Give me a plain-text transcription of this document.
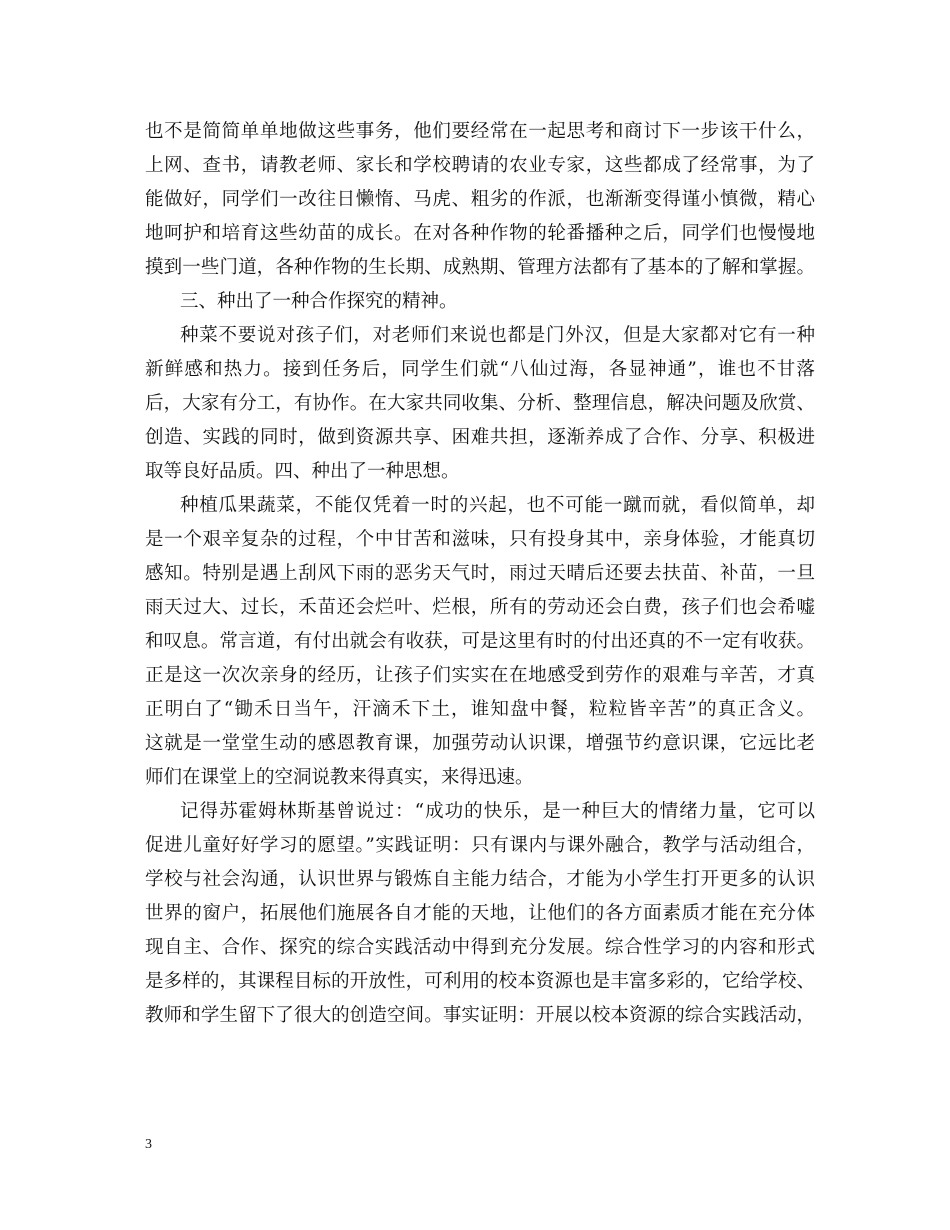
也不是简简单单地做这些事务，他们要经常在一起思考和商讨下一步该干什么，
上网、查书，请教老师、家长和学校聘请的农业专家，这些都成了经常事，为了
能做好，同学们一改往日懒惰、马虎、粗劣的作派，也渐渐变得谨小慎微，精心
地呵护和培育这些幼苗的成长。在对各种作物的轮番播种之后，同学们也慢慢地
摸到一些门道，各种作物的生长期、成熟期、管理方法都有了基本的了解和掌握。
三、种出了一种合作探究的精神。
种菜不要说对孩子们，对老师们来说也都是门外汉，但是大家都对它有一种
新鲜感和热力。接到任务后，同学生们就“八仙过海，各显神通”，谁也不甘落
后，大家有分工，有协作。在大家共同收集、分析、整理信息，解决问题及欣赏、
创造、实践的同时，做到资源共享、困难共担，逐渐养成了合作、分享、积极进
取等良好品质。四、种出了一种思想。
种植瓜果蔬菜，不能仅凭着一时的兴起，也不可能一蹴而就，看似简单，却
是一个艰辛复杂的过程，个中甘苦和滋味，只有投身其中，亲身体验，才能真切
感知。特别是遇上刮风下雨的恶劣天气时，雨过天晴后还要去扶苗、补苗，一旦
雨天过大、过长，禾苗还会烂叶、烂根，所有的劳动还会白费，孩子们也会希嘘
和叹息。常言道，有付出就会有收获，可是这里有时的付出还真的不一定有收获。
正是这一次次亲身的经历，让孩子们实实在在地感受到劳作的艰难与辛苦，才真
正明白了“锄禾日当午，汗滴禾下土，谁知盘中餐，粒粒皆辛苦”的真正含义。
这就是一堂堂生动的感恩教育课，加强劳动认识课，增强节约意识课，它远比老
师们在课堂上的空洞说教来得真实，来得迅速。
记得苏霍姆林斯基曾说过：“成功的快乐，是一种巨大的情绪力量，它可以
促进儿童好好学习的愿望。”实践证明：只有课内与课外融合，教学与活动组合，
学校与社会沟通，认识世界与锻炼自主能力结合，才能为小学生打开更多的认识
世界的窗户，拓展他们施展各自才能的天地，让他们的各方面素质才能在充分体
现自主、合作、探究的综合实践活动中得到充分发展。综合性学习的内容和形式
是多样的，其课程目标的开放性，可利用的校本资源也是丰富多彩的，它给学校、
教师和学生留下了很大的创造空间。事实证明：开展以校本资源的综合实践活动，
3
